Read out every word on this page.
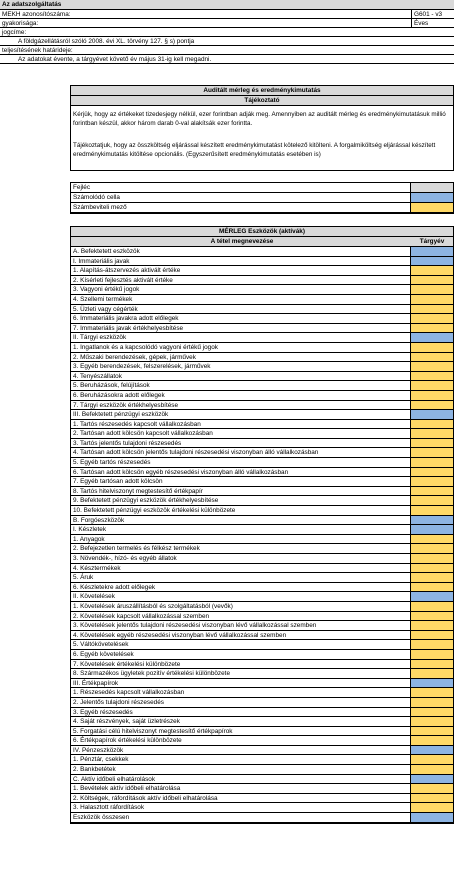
Az adatszolgáltatás
MEKH azonosítószáma:	G601 - v3
gyakorisága:	Éves
jogcíme:
A földgázellátásról szóló 2008. évi XL. törvény 127. § s) pontja
teljesítésének határideje:
Az adatokat évente, a tárgyévet követő év május 31-ig kell megadni.
Auditált mérleg és eredménykimutatás
Tájékoztató

Kérjük, hogy az értékeket tizedesjegy nélkül, ezer forintban adják meg. Amennyiben az auditált mérleg és eredménykimutatásuk millió forintban készül, akkor három darab 0-val alakítsák ezer forintta.

Tájékoztatjuk, hogy az összköltség eljárással készített eredménykimutatást kötelező kitölteni. A forgalmiköltség eljárással készített eredménykimutatás kitöltése opcionális. (Egyszerűsített eredménykimutatás esetében is)

Fejléc
Számolódó cella
Számbeviteli mező
MÉRLEG Eszközök (aktívák)
A tétel megnevezése	Tárgyév
A. Befektetett eszközök
I. Immateriális javak
1. Alapítás-átszervezés aktivált értéke
2. Kísérleti fejlesztés aktivált értéke
3. Vagyoni értékű jogok
4. Szellemi termékek
5. Üzleti vagy cégérték
6. Immateriális javakra adott előlegek
7. Immateriális javak értékhelyesbítése
II. Tárgyi eszközök
1. Ingatlanok és a kapcsolódó vagyoni értékű jogok
2. Műszaki berendezések, gépek, járművek
3. Egyéb berendezések, felszerelések, járművek
4. Tenyészállatok
5. Beruházások, felújítások
6. Beruházásokra adott előlegek
7. Tárgyi eszközök értékhelyesbítése
III. Befektetett pénzügyi eszközök
1. Tartós részesedés kapcsolt vállalkozásban
2. Tartósan adott kölcsön kapcsolt vállalkozásban
3. Tartós jelentős tulajdoni részesedés
4. Tartósan adott kölcsön jelentős tulajdoni részesedési viszonyban álló vállalkozásban
5. Egyéb tartós részesedés
6. Tartósan adott kölcsön egyéb részesedési viszonyban álló vállalkozásban
7. Egyéb tartósan adott kölcsön
8. Tartós hitelviszonyt megtestesítő értékpapír
9. Befektetett pénzügyi eszközök értékhelyesbítése
10. Befektetett pénzügyi eszközök értékelési különbözete
B. Forgóeszközök
I. Készletek
1. Anyagok
2. Befejezetlen termelés és félkész termékek
3. Növendék-, hízó- és egyéb állatok
4. Késztermékek
5. Áruk
6. Készletekre adott előlegek
II. Követelések
1. Követelések áruszállításból és szolgáltatásból (vevők)
2. Követelések kapcsolt vállalkozással szemben
3. Követelések jelentős tulajdoni részesedési viszonyban lévő vállalkozással szemben
4. Követelések egyéb részesedési viszonyban lévő vállalkozással szemben
5. Váltókövetelések
6. Egyéb követelések
7. Követelések értékelési különbözete
8. Származékos ügyletek pozitív értékelési különbözete
III. Értékpapírok
1. Részesedés kapcsolt vállalkozásban
2. Jelentős tulajdoni részesedés
3. Egyéb részesedés
4. Saját részvények, saját üzletrészek
5. Forgatási célú hitelviszonyt megtestesítő értékpapírok
6. Értékpapírok értékelési különbözete
IV. Pénzeszközök
1. Pénztár, csekkek
2. Bankbetétek
C. Aktív időbeli elhatárolások
1. Bevételek aktív időbeli elhatárolása
2. Költségek, ráfordítások aktív időbeli elhatárolása
3. Halasztott ráfordítások
Eszközök összesen
